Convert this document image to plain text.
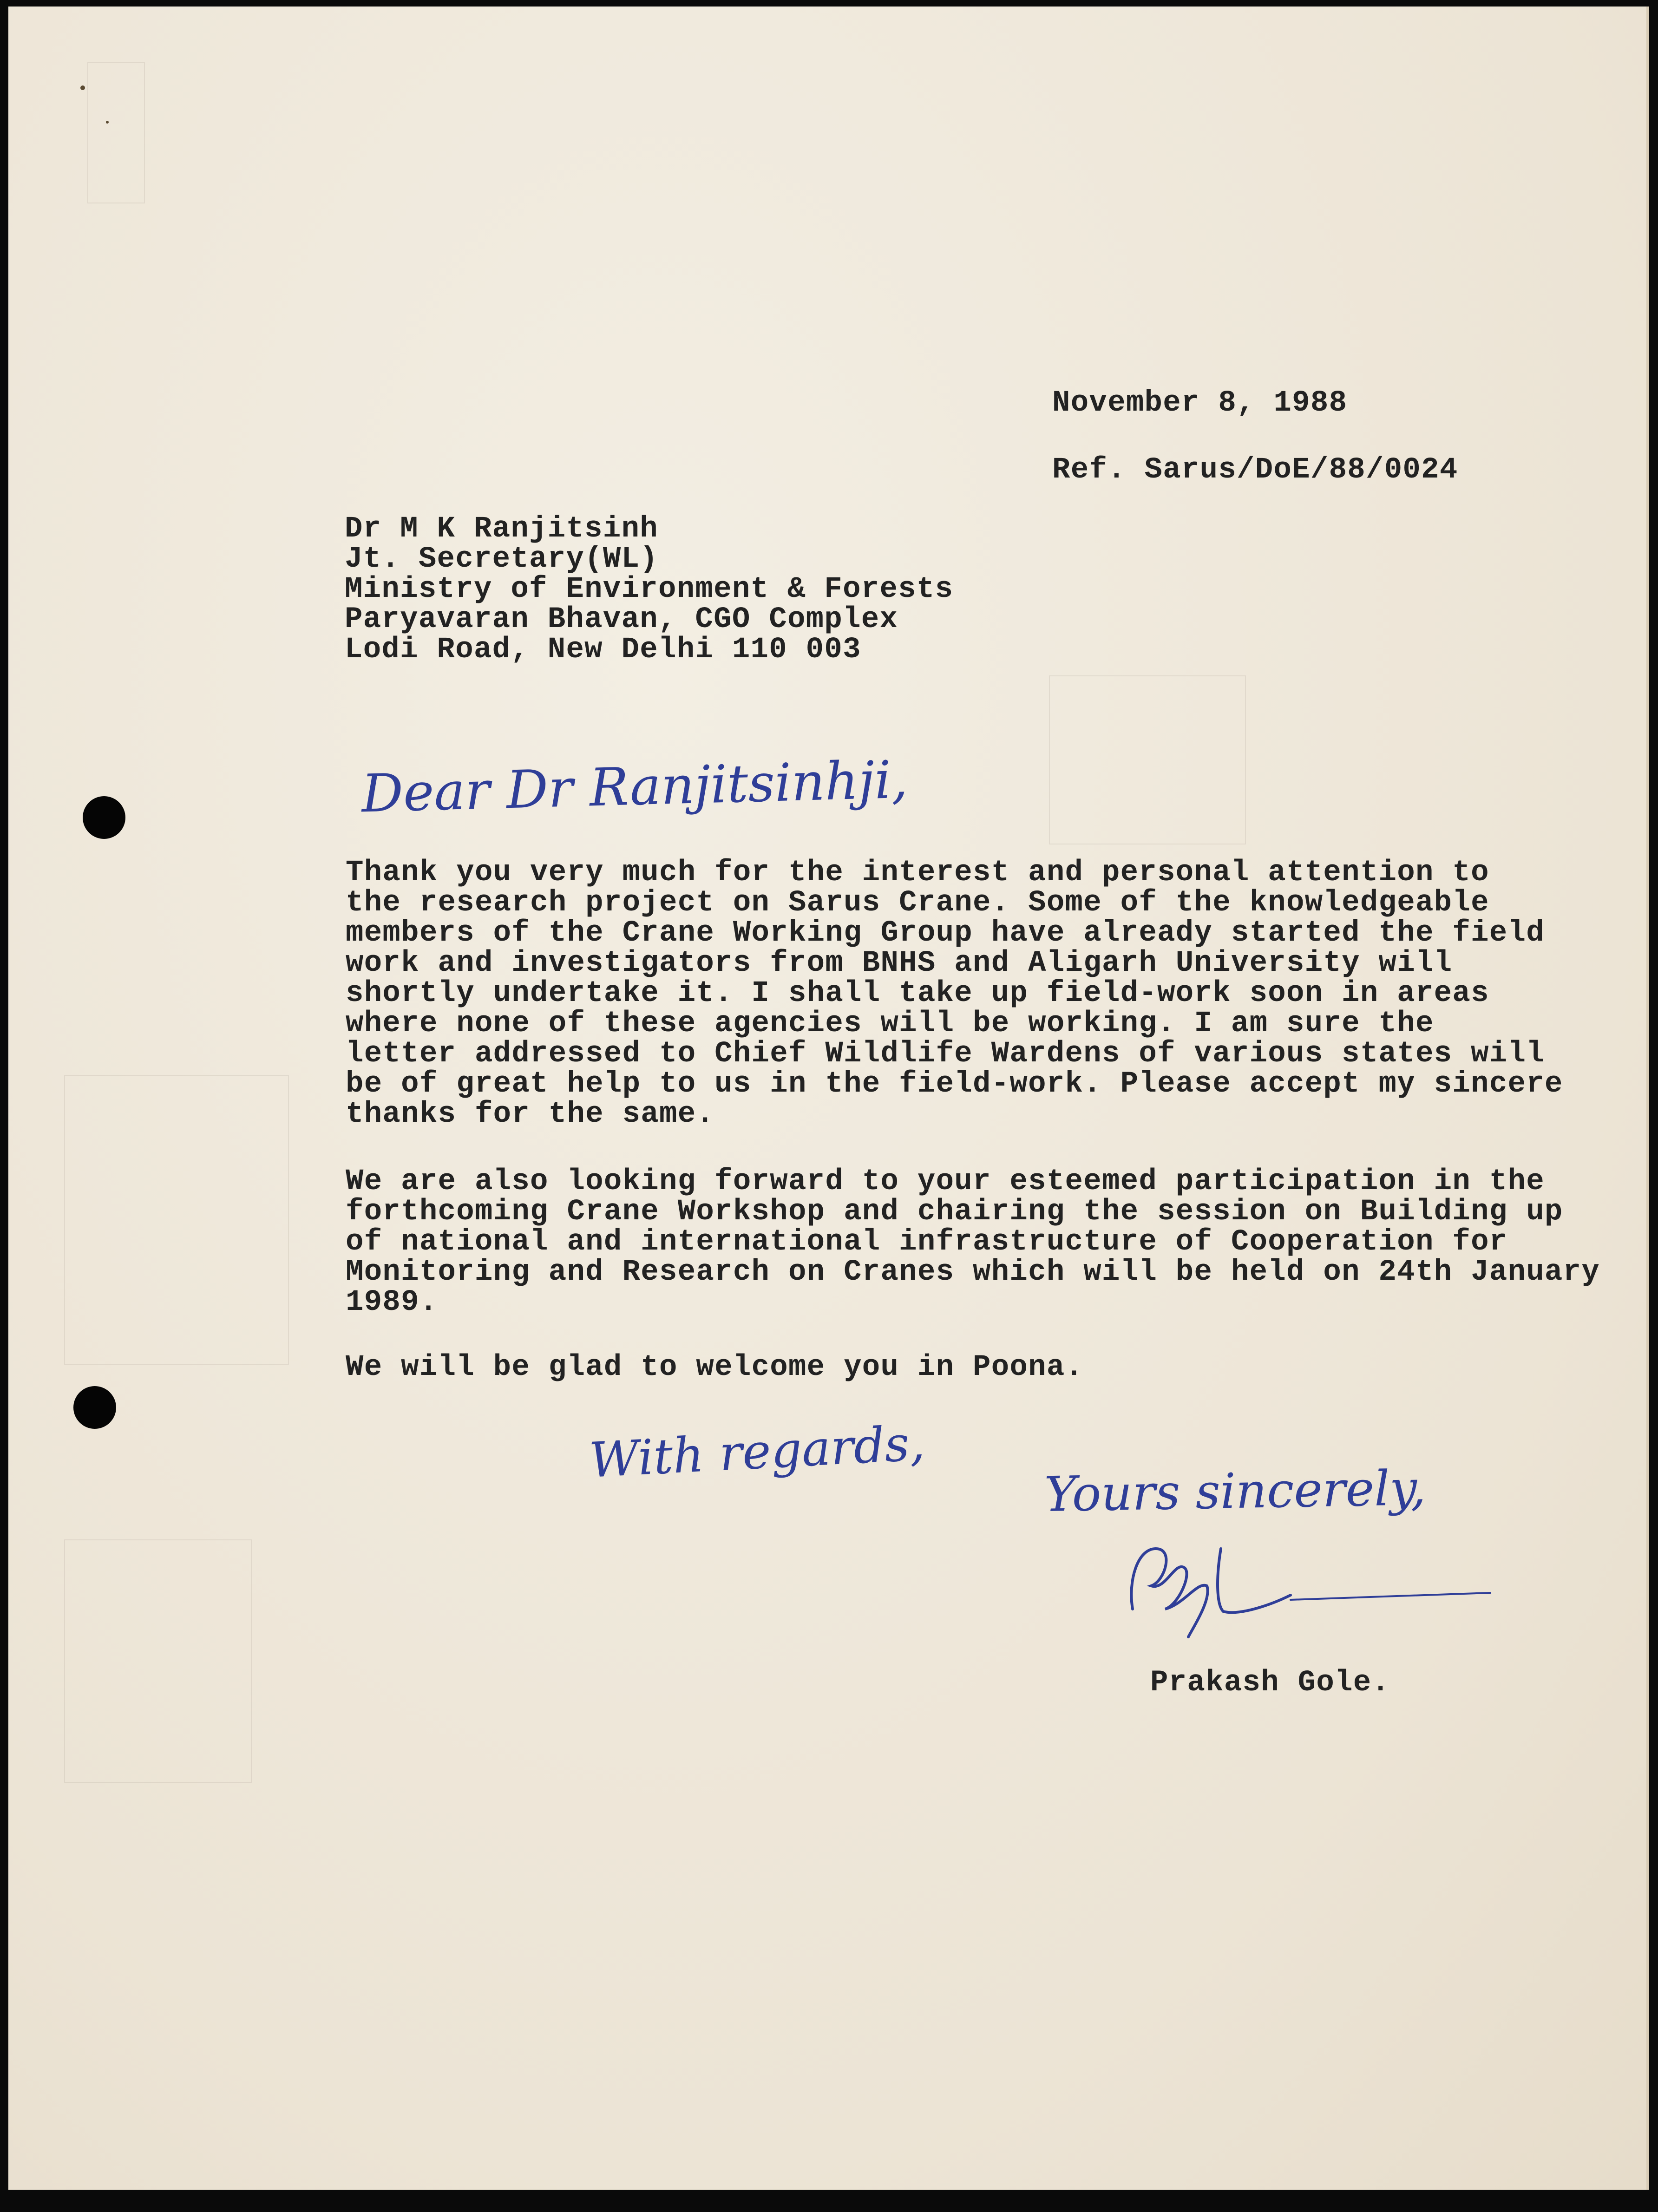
November 8, 1988
Ref. Sarus/DoE/88/0024
Dr M K Ranjitsinh
Jt. Secretary(WL)
Ministry of Environment & Forests
Paryavaran Bhavan, CGO Complex
Lodi Road, New Delhi 110 003
Dear Dr Ranjitsinhji,
Thank you very much for the interest and personal attention to
the research project on Sarus Crane. Some of the knowledgeable
members of the Crane Working Group have already started the field
work and investigators from BNHS and Aligarh University will
shortly undertake it. I shall take up field-work soon in areas
where none of these agencies will be working. I am sure the
letter addressed to Chief Wildlife Wardens of various states will
be of great help to us in the field-work. Please accept my sincere
thanks for the same.
We are also looking forward to your esteemed participation in the
forthcoming Crane Workshop and chairing the session on Building up
of national and international infrastructure of Cooperation for
Monitoring and Research on Cranes which will be held on 24th January
1989.
We will be glad to welcome you in Poona.
With regards,
Yours sincerely,
Prakash Gole.
